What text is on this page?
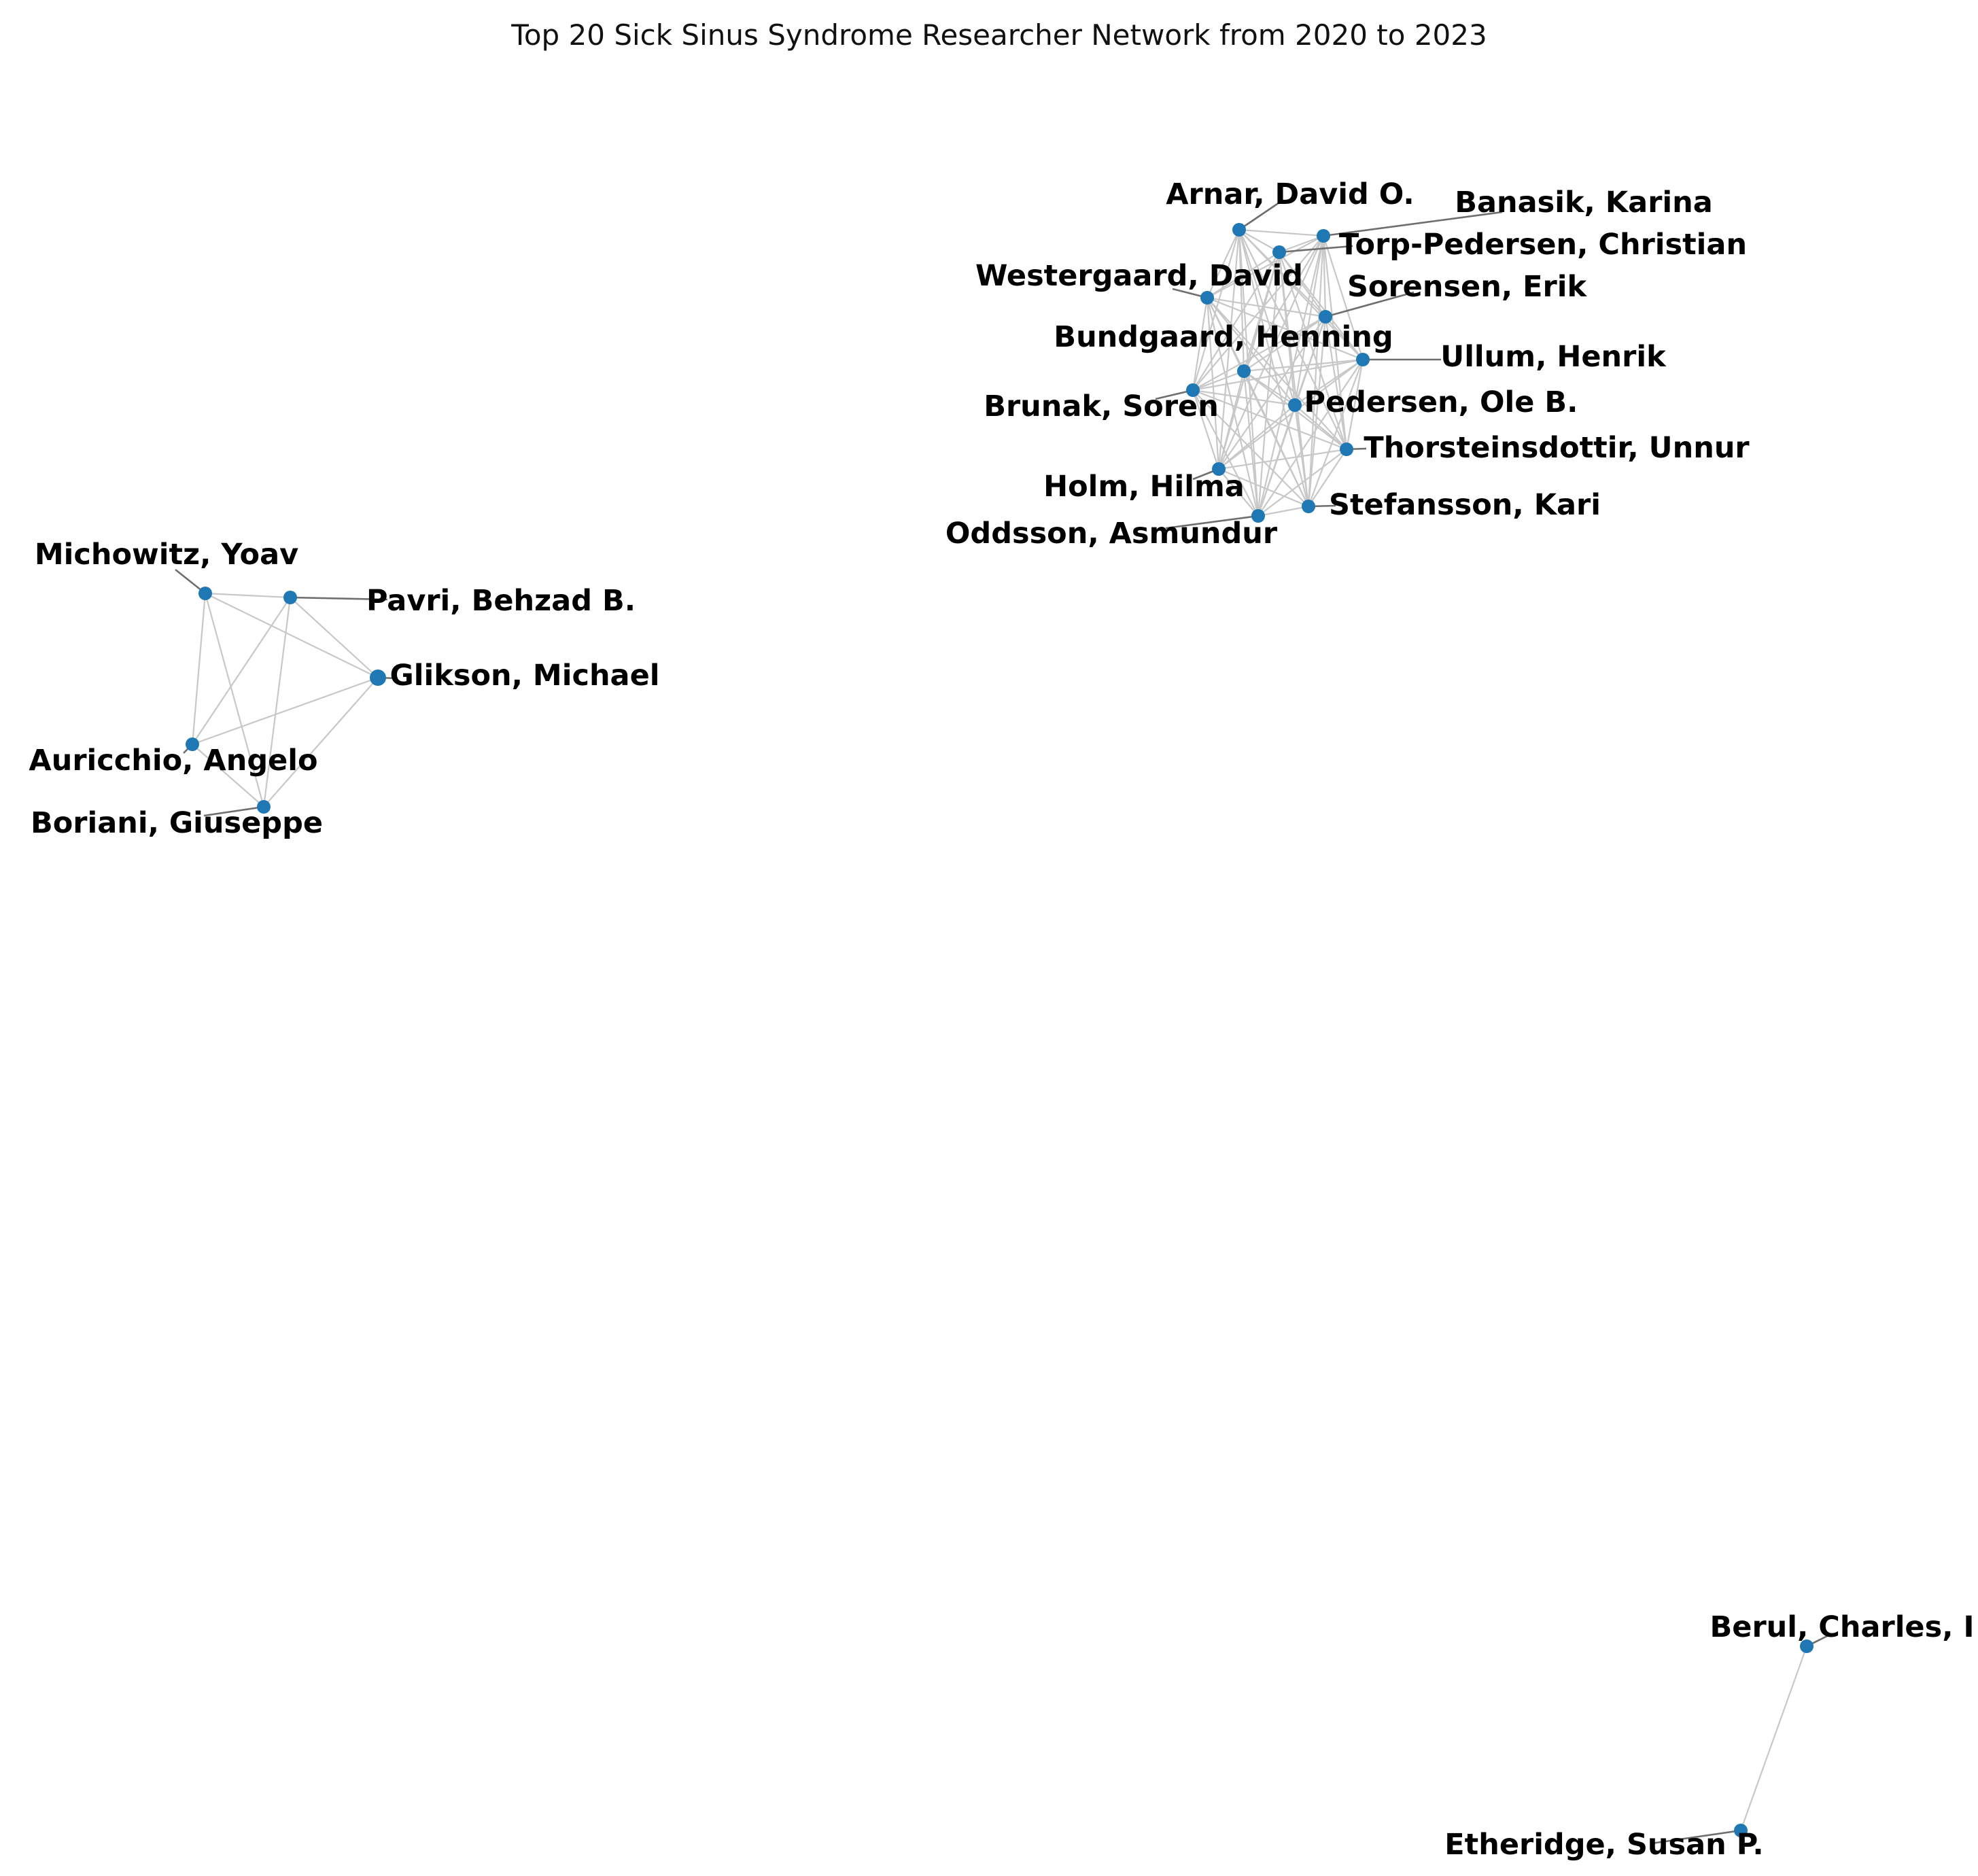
Top 20 Sick Sinus Syndrome Researcher Network from 2020 to 2023
Arnar, David O. Banasik, Karina
Torp-Pedersen, Christian
Westergaard, David Sorensen, Erik
Bundgaard, Henning
Ullum, Henrik
Brunak, Soren	Pedersen, Ole B.
Thorsteinsdottir, Unnur
Holm, Hilma
Stefansson, Kari
Oddsson, Asmundur
Michowitz, Yoav
Pavri, Behzad B.
Glikson, Michael
Auricchio, Angelo
Boriani, Giuseppe
Berul, Charles, I
Etheridge, Susan P.
